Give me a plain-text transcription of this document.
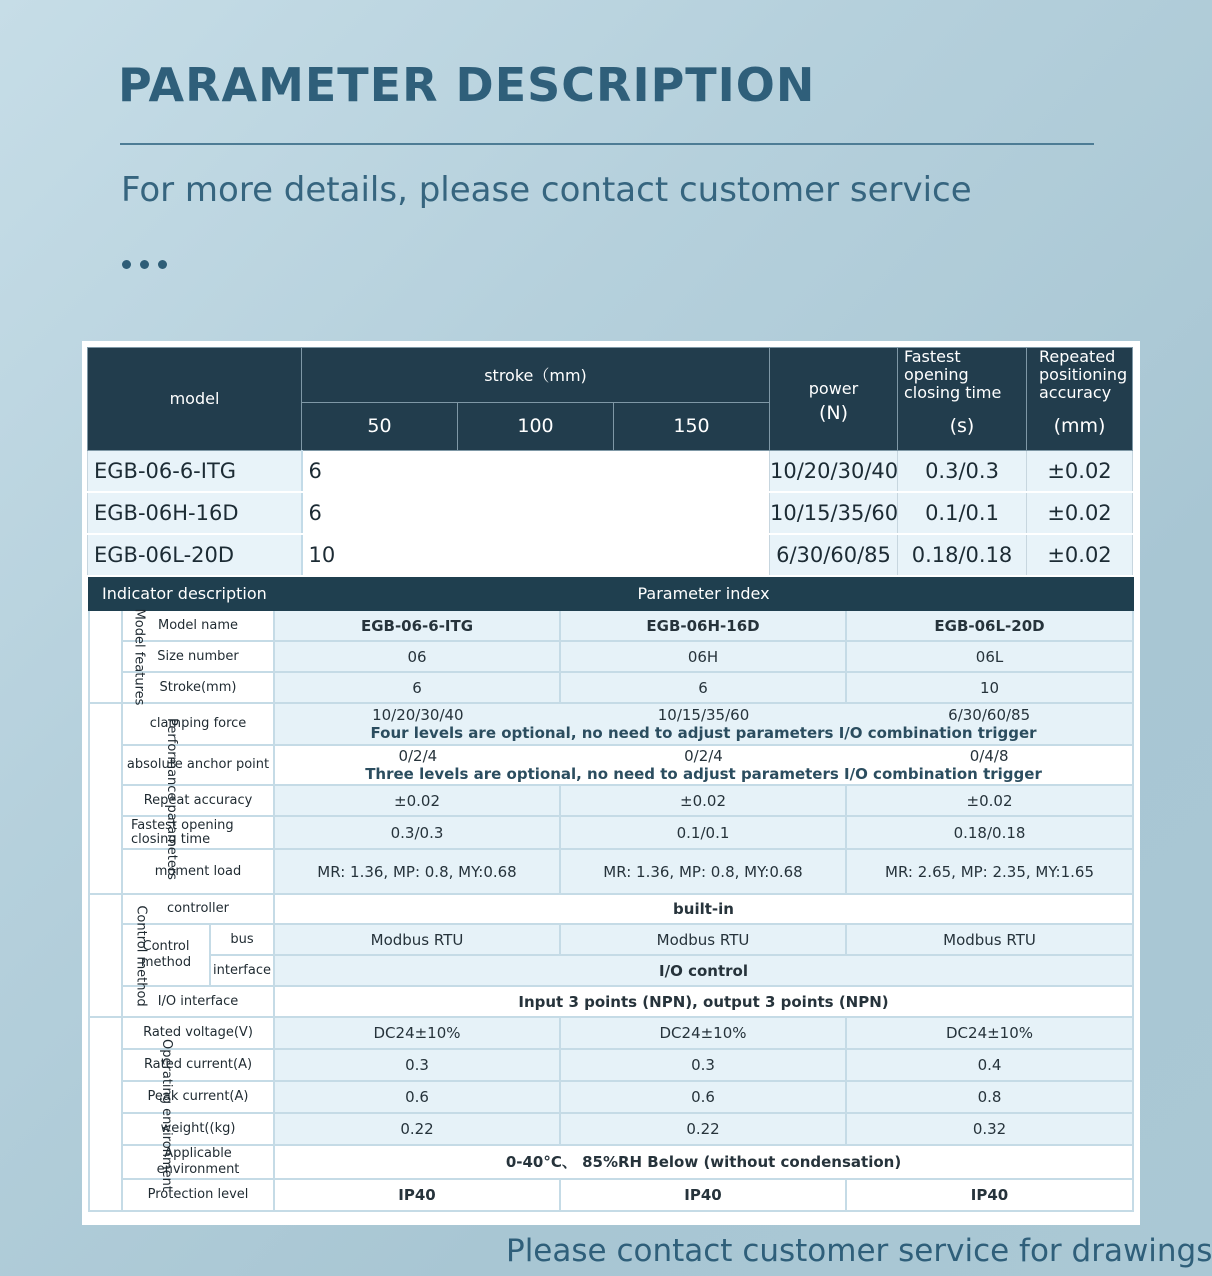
PARAMETER DESCRIPTION
For more details, please contact customer service
model	stroke（mm)			power	Fastest opening closing time	Repeated positioning accuracy

	50	100	150	(N)	(s)	(mm)
EGB-06-6-ITG	6			10/20/30/40	0.3/0.3	±0.02
EGB-06H-16D	6			10/15/35/60	0.1/0.1	±0.02
EGB-06L-20D	10			6/30/60/85	0.18/0.18	±0.02
Indicator description			Parameter index		
Model features	Model name		EGB-06-6-ITG	EGB-06H-16D	EGB-06L-20D
	Size number		06	06H	06L
	Stroke(mm)		6	6	10
Performance parameters	clamping force		10/20/30/40 10/15/35/60 6/30/60/85
Four levels are optional, no need to adjust parameters I/O combination trigger		

	absolute anchor point		0/2/4 0/2/4 0/4/8
Three levels are optional, no need to adjust parameters I/O combination trigger		

	Repeat accuracy		±0.02	±0.02	±0.02
	Fastest opening closing time		0.3/0.3	0.1/0.1	0.18/0.18
	moment load		MR: 1.36, MP: 0.8, MY:0.68	MR: 1.36, MP: 0.8, MY:0.68	MR: 2.65, MP: 2.35, MY:1.65
Control method	controller		built-in		
	Control method	bus	Modbus RTU	Modbus RTU	Modbus RTU
		interface	I/O control		
	I/O interface		Input 3 points (NPN), output 3 points (NPN)		
Operating environment	Rated voltage(V)		DC24±10%	DC24±10%	DC24±10%
	Rated current(A)		0.3	0.3	0.4
	Peak current(A)		0.6	0.6	0.8
	weight((kg)		0.22	0.22	0.32
	Applicable environment		0-40°C、 85%RH Below (without condensation)		
	Protection level		IP40	IP40	IP40
Please contact customer service for drawings
